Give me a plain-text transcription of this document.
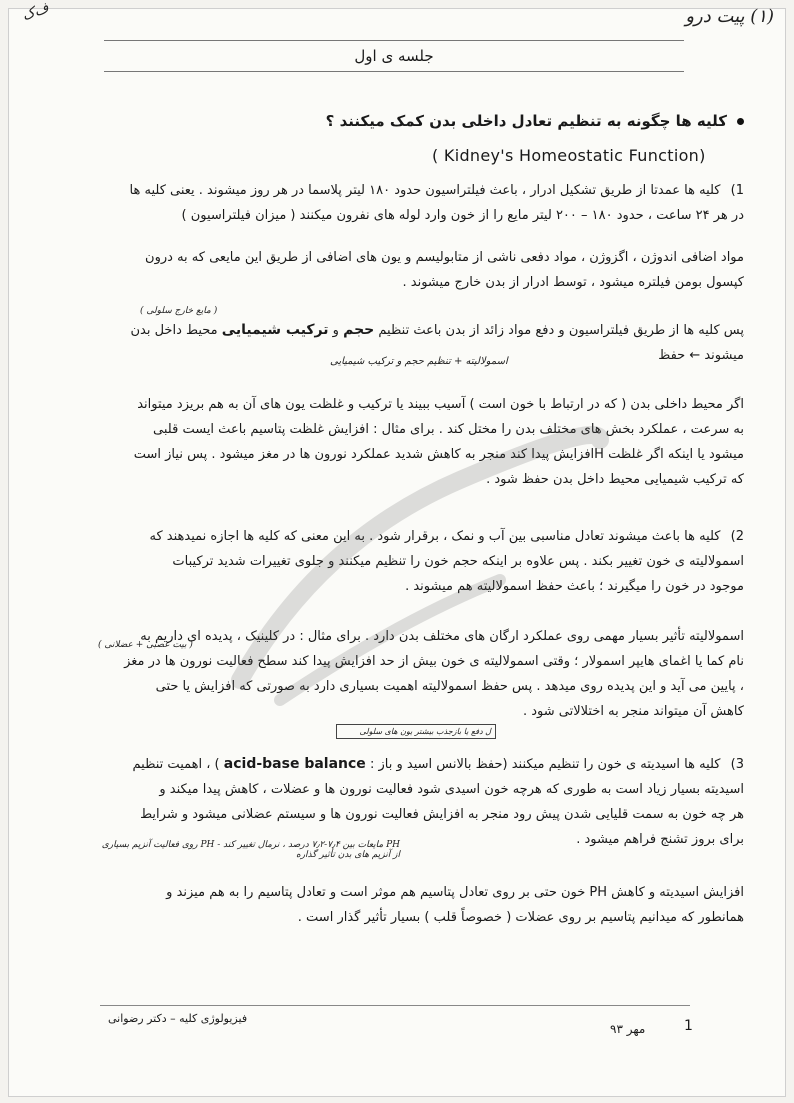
ف‌ک	(۱) پیت درو
جلسه ی اول
کلیه ها چگونه به تنظیم تعادل داخلی بدن کمک میکنند ؟
( Kidney's Homeostatic Function)

1) کلیه ها عمدتا از طریق تشکیل ادرار ، باعث فیلتراسیون حدود ۱۸۰ لیتر پلاسما در هر روز میشوند . یعنی کلیه ها
در هر ۲۴ ساعت ، حدود ۱۸۰ – ۲۰۰ لیتر مایع را از خون وارد لوله های نفرون میکنند ( میزان فیلتراسیون )

مواد اضافی اندوژن ، اگزوژن ، مواد دفعی ناشی از متابولیسم و یون های اضافی از طریق این مایعی که به درون
کپسول بومن فیلتره میشود ، توسط ادرار از بدن خارج میشوند .

( مایع خارج سلولی )

پس کلیه ها از طریق فیلتراسیون و دفع مواد زائد از بدن باعث تنظیم حجم و ترکیب شیمیایی محیط داخل بدن
میشوند ← حفظ

اسمولالیته + تنظیم حجم و ترکیب شیمیایی

اگر محیط داخلی بدن ( که در ارتباط با خون است ) آسیب ببیند یا ترکیب و غلظت یون های آن به هم بریزد میتواند
به سرعت ، عملکرد بخش های مختلف بدن را مختل کند . برای مثال : افزایش غلظت پتاسیم باعث ایست قلبی
میشود یا اینکه اگر غلظت Hافزایش پیدا کند منجر به کاهش شدید عملکرد نورون ها در مغز میشود . پس نیاز است
که ترکیب شیمیایی محیط داخل بدن حفظ شود .

2) کلیه ها باعث میشوند تعادل مناسبی بین آب و نمک ، برقرار شود . به این معنی که کلیه ها اجازه نمیدهند که
اسمولالیته ی خون تغییر بکند . پس علاوه بر اینکه حجم خون را تنظیم میکنند و جلوی تغییرات شدید ترکیبات
موجود در خون را میگیرند ؛ باعث حفظ اسمولالیته هم میشوند .

( بیت عصبی + عضلانی )

اسمولالیته تأثیر بسیار مهمی روی عملکرد ارگان های مختلف بدن دارد . برای مثال : در کلینیک ، پدیده ای داریم به
نام کما یا اغمای هایپر اسمولار ؛ وقتی اسمولالیته ی خون بیش از حد افزایش پیدا کند سطح فعالیت نورون ها در مغز
، پایین می آید و این پدیده روی میدهد . پس حفظ اسمولالیته اهمیت بسیاری دارد به صورتی که افزایش یا حتی
کاهش آن میتواند منجر به اختلالاتی شود .

ل دفع یا بازجذب بیشتر یون های سلولی

3) کلیه ها اسیدیته ی خون را تنظیم میکنند (حفظ بالانس اسید و باز : acid-base balance ) ، اهمیت تنظیم
اسیدیته بسیار زیاد است به طوری که هرچه خون اسیدی شود فعالیت نورون ها و عضلات ، کاهش پیدا میکند و
هر چه خون به سمت قلیایی شدن پیش رود منجر به افزایش فعالیت نورون ها و سیستم عضلانی میشود و شرایط
برای بروز تشنج فراهم میشود .

PH مایعات بین ۷٫۴-۷٫۲ درصد ، نرمال تغییر کند - PH روی فعالیت آنزیم بسیاری از آنزیم های بدن تأثیر گذاره

افزایش اسیدیته و کاهش PH خون حتی بر روی تعادل پتاسیم هم موثر است و تعادل پتاسیم را به هم میزند و
همانطور که میدانیم پتاسیم بر روی عضلات ( خصوصاً قلب ) بسیار تأثیر گذار است .

فیزیولوژی کلیه – دکتر رضوانی
مهر ۹۳	1
